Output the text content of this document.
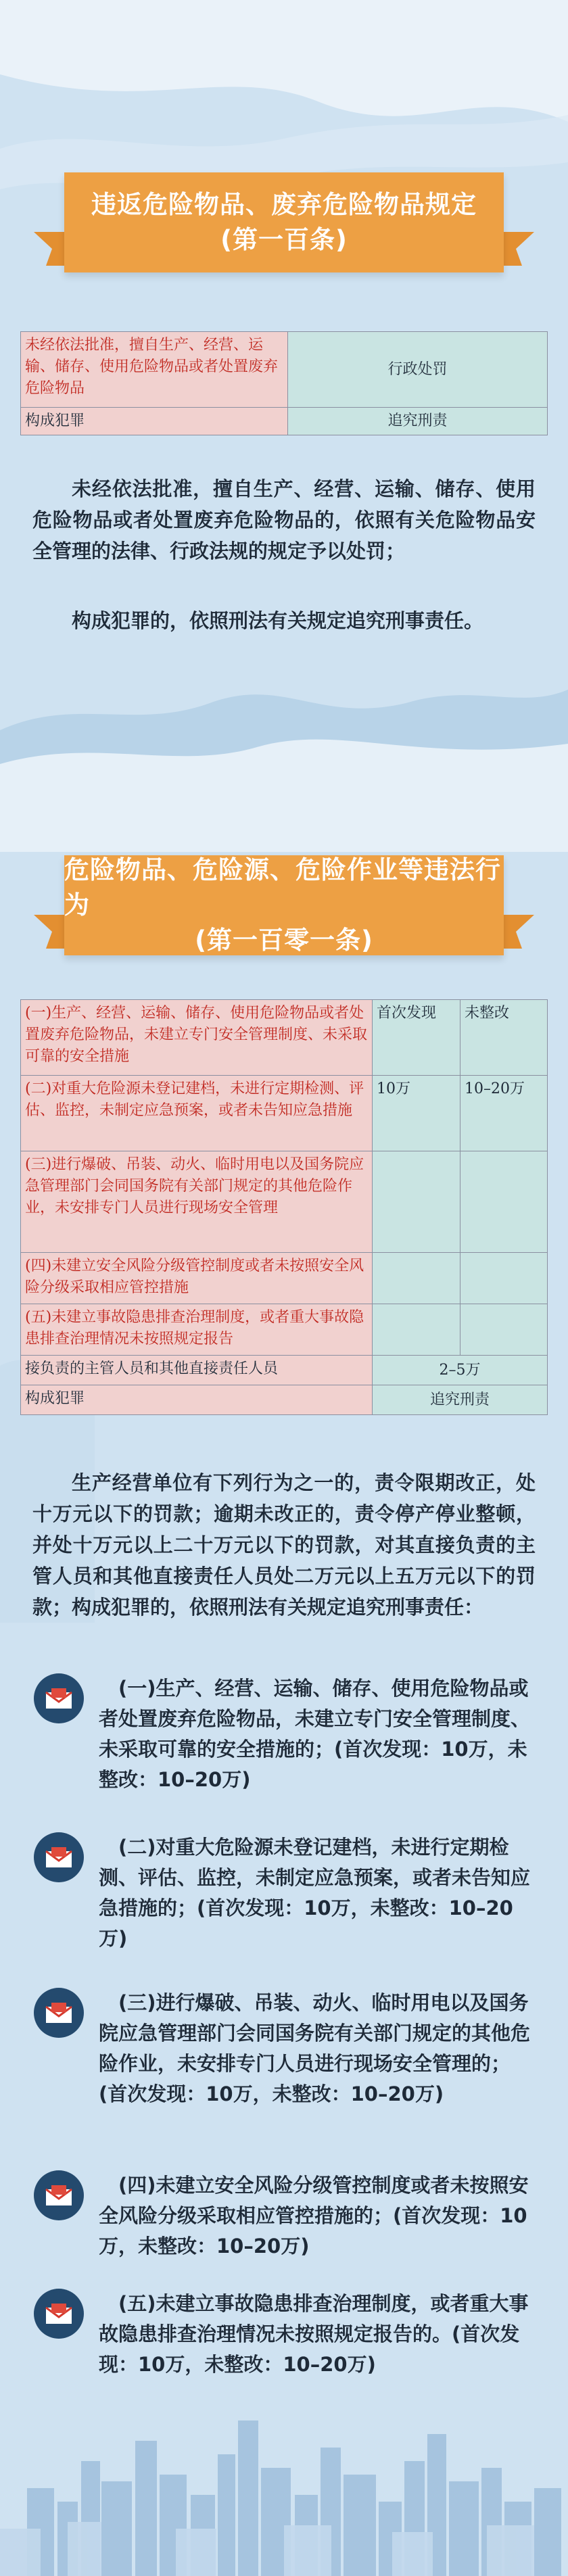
违返危险物品、废弃危险物品规定
(第一百条)
未经依法批准，擅自生产、经营、运输、储存、使用危险物品或者处置废弃危险物品	行政处罚
构成犯罪	追究刑责

未经依法批准，擅自生产、经营、运输、储存、使用危险物品或者处置废弃危险物品的，依照有关危险物品安全管理的法律、行政法规的规定予以处罚；

构成犯罪的，依照刑法有关规定追究刑事责任。

危险物品、危险源、危险作业等违法行为
(第一百零一条)
(一)生产、经营、运输、储存、使用危险物品或者处置废弃危险物品，未建立专门安全管理制度、未采取可靠的安全措施	首次发现	未整改
(二)对重大危险源未登记建档，未进行定期检测、评估、监控，未制定应急预案，或者未告知应急措施	10万	10–20万
(三)进行爆破、吊装、动火、临时用电以及国务院应急管理部门会同国务院有关部门规定的其他危险作业，未安排专门人员进行现场安全管理		
(四)未建立安全风险分级管控制度或者未按照安全风险分级采取相应管控措施		
(五)未建立事故隐患排查治理制度，或者重大事故隐患排查治理情况未按照规定报告		
接负责的主管人员和其他直接责任人员	2–5万	
构成犯罪	追究刑责	

生产经营单位有下列行为之一的，责令限期改正，处十万元以下的罚款；逾期未改正的，责令停产停业整顿，并处十万元以上二十万元以下的罚款，对其直接负责的主管人员和其他直接责任人员处二万元以上五万元以下的罚款；构成犯罪的，依照刑法有关规定追究刑事责任：

(一)生产、经营、运输、储存、使用危险物品或者处置废弃危险物品，未建立专门安全管理制度、未采取可靠的安全措施的；(首次发现：10万，未整改：10–20万)
(二)对重大危险源未登记建档，未进行定期检测、评估、监控，未制定应急预案，或者未告知应急措施的；(首次发现：10万，未整改：10–20万)
(三)进行爆破、吊装、动火、临时用电以及国务院应急管理部门会同国务院有关部门规定的其他危险作业，未安排专门人员进行现场安全管理的；(首次发现：10万，未整改：10–20万)
(四)未建立安全风险分级管控制度或者未按照安全风险分级采取相应管控措施的；(首次发现：10万，未整改：10–20万)
(五)未建立事故隐患排查治理制度，或者重大事故隐患排查治理情况未按照规定报告的。(首次发现：10万，未整改：10–20万)
